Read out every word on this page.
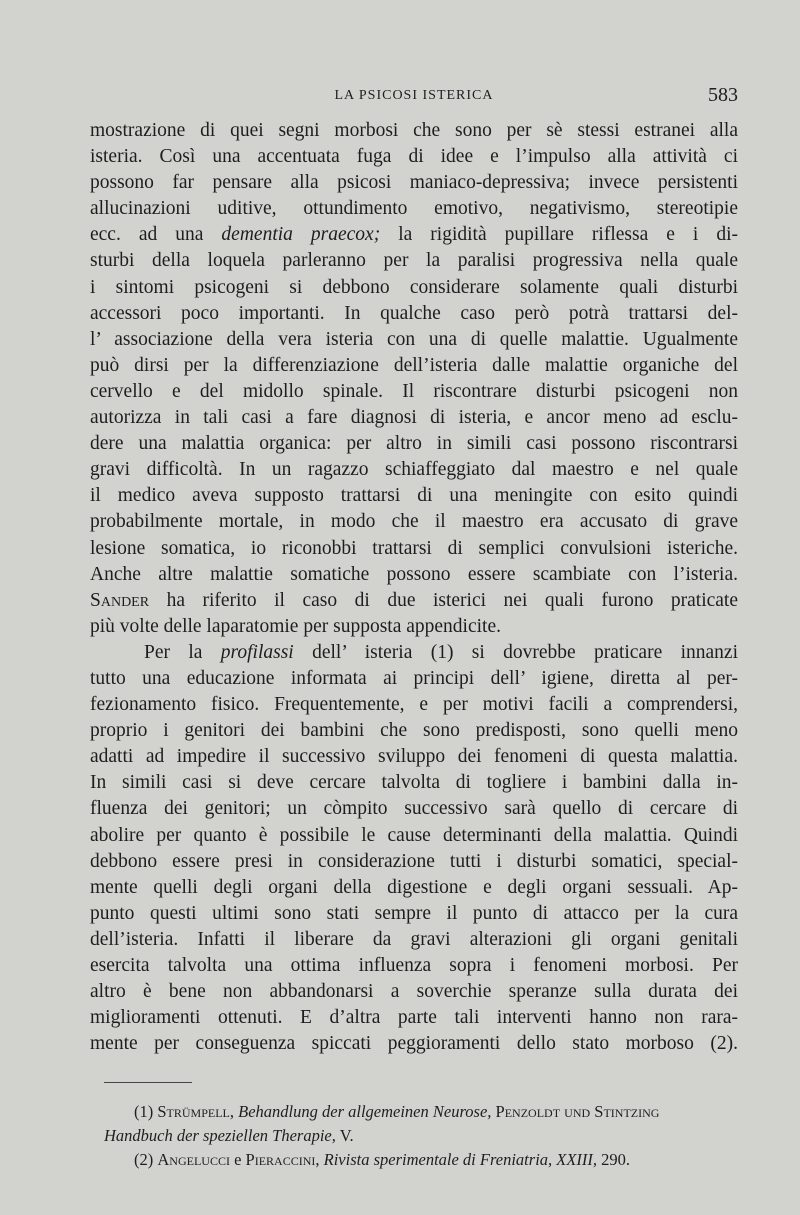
LA PSICOSI ISTERICA	583
mostrazione di quei segni morbosi che sono per sè stessi estranei alla
isteria. Così una accentuata fuga di idee e l’impulso alla attività ci
possono far pensare alla psicosi maniaco-depressiva; invece persistenti
allucinazioni uditive, ottundimento emotivo, negativismo, stereotipie
ecc. ad una dementia praecox; la rigidità pupillare riflessa e i di-
sturbi della loquela parleranno per la paralisi progressiva nella quale
i sintomi psicogeni si debbono considerare solamente quali disturbi
accessori poco importanti. In qualche caso però potrà trattarsi del-
l’ associazione della vera isteria con una di quelle malattie. Ugualmente
può dirsi per la differenziazione dell’isteria dalle malattie organiche del
cervello e del midollo spinale. Il riscontrare disturbi psicogeni non
autorizza in tali casi a fare diagnosi di isteria, e ancor meno ad esclu-
dere una malattia organica: per altro in simili casi possono riscontrarsi
gravi difficoltà. In un ragazzo schiaffeggiato dal maestro e nel quale
il medico aveva supposto trattarsi di una meningite con esito quindi
probabilmente mortale, in modo che il maestro era accusato di grave
lesione somatica, io riconobbi trattarsi di semplici convulsioni isteriche.
Anche altre malattie somatiche possono essere scambiate con l’isteria.
Sander ha riferito il caso di due isterici nei quali furono praticate
più volte delle laparatomie per supposta appendicite.
Per la profilassi dell’ isteria (1) si dovrebbe praticare innanzi
tutto una educazione informata ai principi dell’ igiene, diretta al per-
fezionamento fisico. Frequentemente, e per motivi facili a comprendersi,
proprio i genitori dei bambini che sono predisposti, sono quelli meno
adatti ad impedire il successivo sviluppo dei fenomeni di questa malattia.
In simili casi si deve cercare talvolta di togliere i bambini dalla in-
fluenza dei genitori; un còmpito successivo sarà quello di cercare di
abolire per quanto è possibile le cause determinanti della malattia. Quindi
debbono essere presi in considerazione tutti i disturbi somatici, special-
mente quelli degli organi della digestione e degli organi sessuali. Ap-
punto questi ultimi sono stati sempre il punto di attacco per la cura
dell’isteria. Infatti il liberare da gravi alterazioni gli organi genitali
esercita talvolta una ottima influenza sopra i fenomeni morbosi. Per
altro è bene non abbandonarsi a soverchie speranze sulla durata dei
miglioramenti ottenuti. E d’altra parte tali interventi hanno non rara-
mente per conseguenza spiccati peggioramenti dello stato morboso (2).
(1) Strümpell, Behandlung der allgemeinen Neurose, Penzoldt und Stintzing
Handbuch der speziellen Therapie, V.
(2) Angelucci e Pieraccini, Rivista sperimentale di Freniatria, XXIII, 290.
